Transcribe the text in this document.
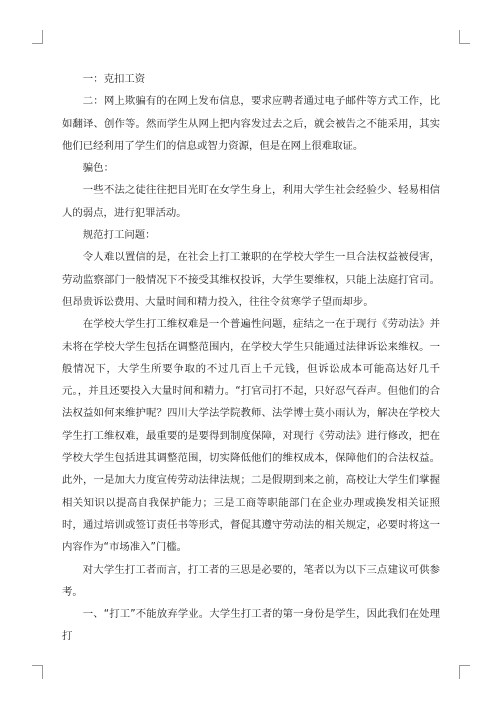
一：克扣工资

二：网上欺骗有的在网上发布信息，要求应聘者通过电子邮件等方式工作，比如翻译、创作等。然而学生从网上把内容发过去之后，就会被告之不能采用，其实他们已经利用了学生们的信息或智力资源，但是在网上很难取证。

骗色：

一些不法之徒往往把目光盯在女学生身上，利用大学生社会经验少、轻易相信人的弱点，进行犯罪活动。

规范打工问题：

令人难以置信的是，在社会上打工兼职的在学校大学生一旦合法权益被侵害，劳动监察部门一般情况下不接受其维权投诉，大学生要维权，只能上法庭打官司。但昂贵诉讼费用、大量时间和精力投入，往往令贫寒学子望而却步。

在学校大学生打工维权难是一个普遍性问题，症结之一在于现行《劳动法》并未将在学校大学生包括在调整范围内，在学校大学生只能通过法律诉讼来维权。一般情况下，大学生所要争取的不过几百上千元钱，但诉讼成本可能高达好几千元。，并且还要投入大量时间和精力。“打官司打不起，只好忍气吞声。但他们的合法权益如何来维护呢？四川大学法学院教师、法学博士莫小雨认为，解决在学校大学生打工维权难，最重要的是要得到制度保障，对现行《劳动法》进行修改，把在学校大学生包括进其调整范围，切实降低他们的维权成本，保障他们的合法权益。此外，一是加大力度宣传劳动法律法规；二是假期到来之前，高校让大学生们掌握相关知识以提高自我保护能力；三是工商等职能部门在企业办理或换发相关证照时，通过培训或签订责任书等形式，督促其遵守劳动法的相关规定，必要时将这一内容作为“市场准入”门槛。

对大学生打工者而言，打工者的三思是必要的，笔者以为以下三点建议可供参考。

一、“打工”不能放弃学业。大学生打工者的第一身份是学生，因此我们在处理打
